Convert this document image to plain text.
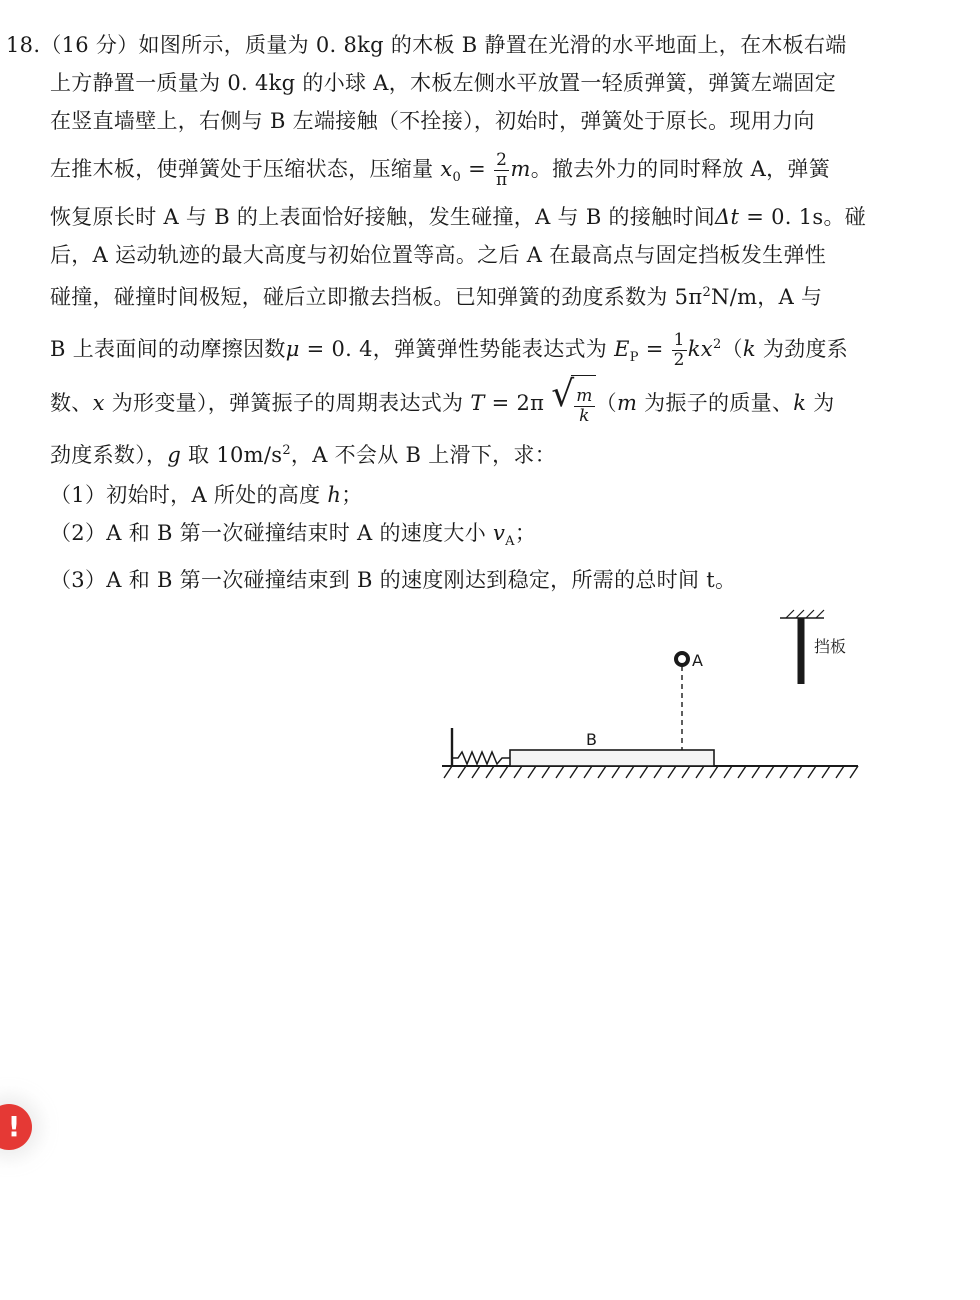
18.（16 分）如图所示，质量为 0. 8kg 的木板 B 静置在光滑的水平地面上，在木板右端
上方静置一质量为 0. 4kg 的小球 A，木板左侧水平放置一轻质弹簧，弹簧左端固定
在竖直墙壁上，右侧与 B 左端接触（不拴接），初始时，弹簧处于原长。现用力向
左推木板，使弹簧处于压缩状态，压缩量 $x_0 = \frac{2}{\pi}$ m。撤去外力的同时释放 A，弹簧
恢复原长时 A 与 B 的上表面恰好接触，发生碰撞，A 与 B 的接触时间Δt = 0. 1s。碰
后，A 运动轨迹的最大高度与初始位置等高。之后 A 在最高点与固定挡板发生弹性
碰撞，碰撞时间极短，碰后立即撤去挡板。已知弹簧的劲度系数为 $5\pi^2N/m$，A 与
B 上表面间的动摩擦因数μ = 0. 4，弹簧弹性势能表达式为 $E_P = \frac{1}{2} kx^2(k$ 为劲度系
数、x 为形变量），弹簧振子的周期表达式为 T = 2π √ $\frac{m}{k} (m$ 为振子的质量、k 为
劲度系数），g 取 $10m/s^2$，A 不会从 B 上滑下，求：
（1）初始时，A 所处的高度 h；
（2）A 和 B 第一次碰撞结束时 A 的速度大小 $v_A$；
（3）A 和 B 第一次碰撞结束到 B 的速度刚达到稳定，所需的总时间 t。
B
A
挡板
!
